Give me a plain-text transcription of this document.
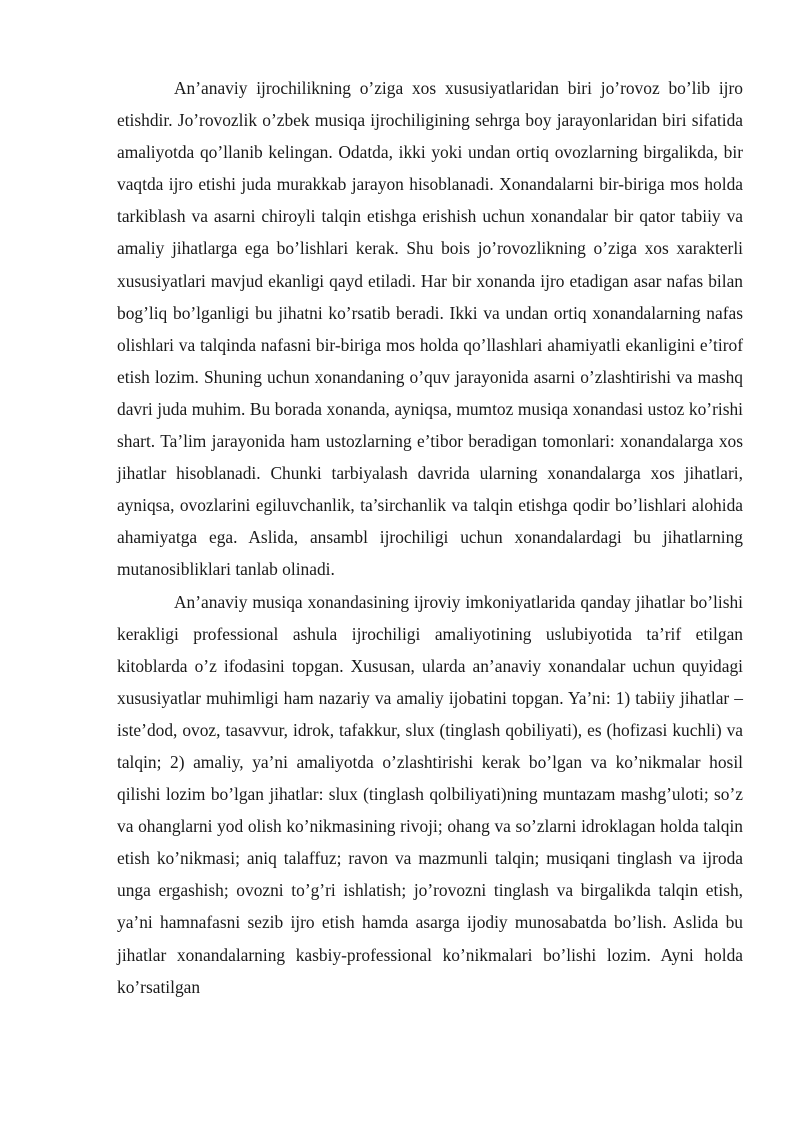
An’anaviy ijrochilikning o’ziga xos xususiyatlaridan biri jo’rovoz bo’lib ijro etishdir. Jo’rovozlik o’zbek musiqa ijrochiligining sehrga boy jarayonlaridan biri sifatida amaliyotda qo’llanib kelingan. Odatda, ikki yoki undan ortiq ovozlarning birgalikda, bir vaqtda ijro etishi juda murakkab jarayon hisoblanadi. Xonandalarni bir-biriga mos holda tarkiblash va asarni chiroyli talqin etishga erishish uchun xonandalar bir qator tabiiy va amaliy jihatlarga ega bo’lishlari kerak. Shu bois jo’rovozlikning o’ziga xos xarakterli xususiyatlari mavjud ekanligi qayd etiladi. Har bir xonanda ijro etadigan asar nafas bilan bog’liq bo’lganligi bu jihatni ko’rsatib beradi. Ikki va undan ortiq xonandalarning nafas olishlari va talqinda nafasni bir-biriga mos holda qo’llashlari ahamiyatli ekanligini e’tirof etish lozim. Shuning uchun xonandaning o’quv jarayonida asarni o’zlashtirishi va mashq davri juda muhim. Bu borada xonanda, ayniqsa, mumtoz musiqa xonandasi ustoz ko’rishi shart. Ta’lim jarayonida ham ustozlarning e’tibor beradigan tomonlari: xonandalarga xos jihatlar hisoblanadi. Chunki tarbiyalash davrida ularning xonandalarga xos jihatlari, ayniqsa, ovozlarini egiluvchanlik, ta’sirchanlik va talqin etishga qodir bo’lishlari alohida ahamiyatga ega. Aslida, ansambl ijrochiligi uchun xonandalardagi bu jihatlarning mutanosibliklari tanlab olinadi.

An’anaviy musiqa xonandasining ijroviy imkoniyatlarida qanday jihatlar bo’lishi kerakligi professional ashula ijrochiligi amaliyotining uslubiyotida ta’rif etilgan kitoblarda o’z ifodasini topgan. Xususan, ularda an’anaviy xonandalar uchun quyidagi xususiyatlar muhimligi ham nazariy va amaliy ijobatini topgan. Ya’ni: 1) tabiiy jihatlar – iste’dod, ovoz, tasavvur, idrok, tafakkur, slux (tinglash qobiliyati), es (hofizasi kuchli) va talqin; 2) amaliy, ya’ni amaliyotda o’zlashtirishi kerak bo’lgan va ko’nikmalar hosil qilishi lozim bo’lgan jihatlar: slux (tinglash qolbiliyati)ning muntazam mashg’uloti; so’z va ohanglarni yod olish ko’nikmasining rivoji; ohang va so’zlarni idroklagan holda talqin etish ko’nikmasi; aniq talaffuz; ravon va mazmunli talqin; musiqani tinglash va ijroda unga ergashish; ovozni to’g’ri ishlatish; jo’rovozni tinglash va birgalikda talqin etish, ya’ni hamnafasni sezib ijro etish hamda asarga ijodiy munosabatda bo’lish. Aslida bu jihatlar xonandalarning kasbiy-professional ko’nikmalari bo’lishi lozim. Ayni holda ko’rsatilgan
